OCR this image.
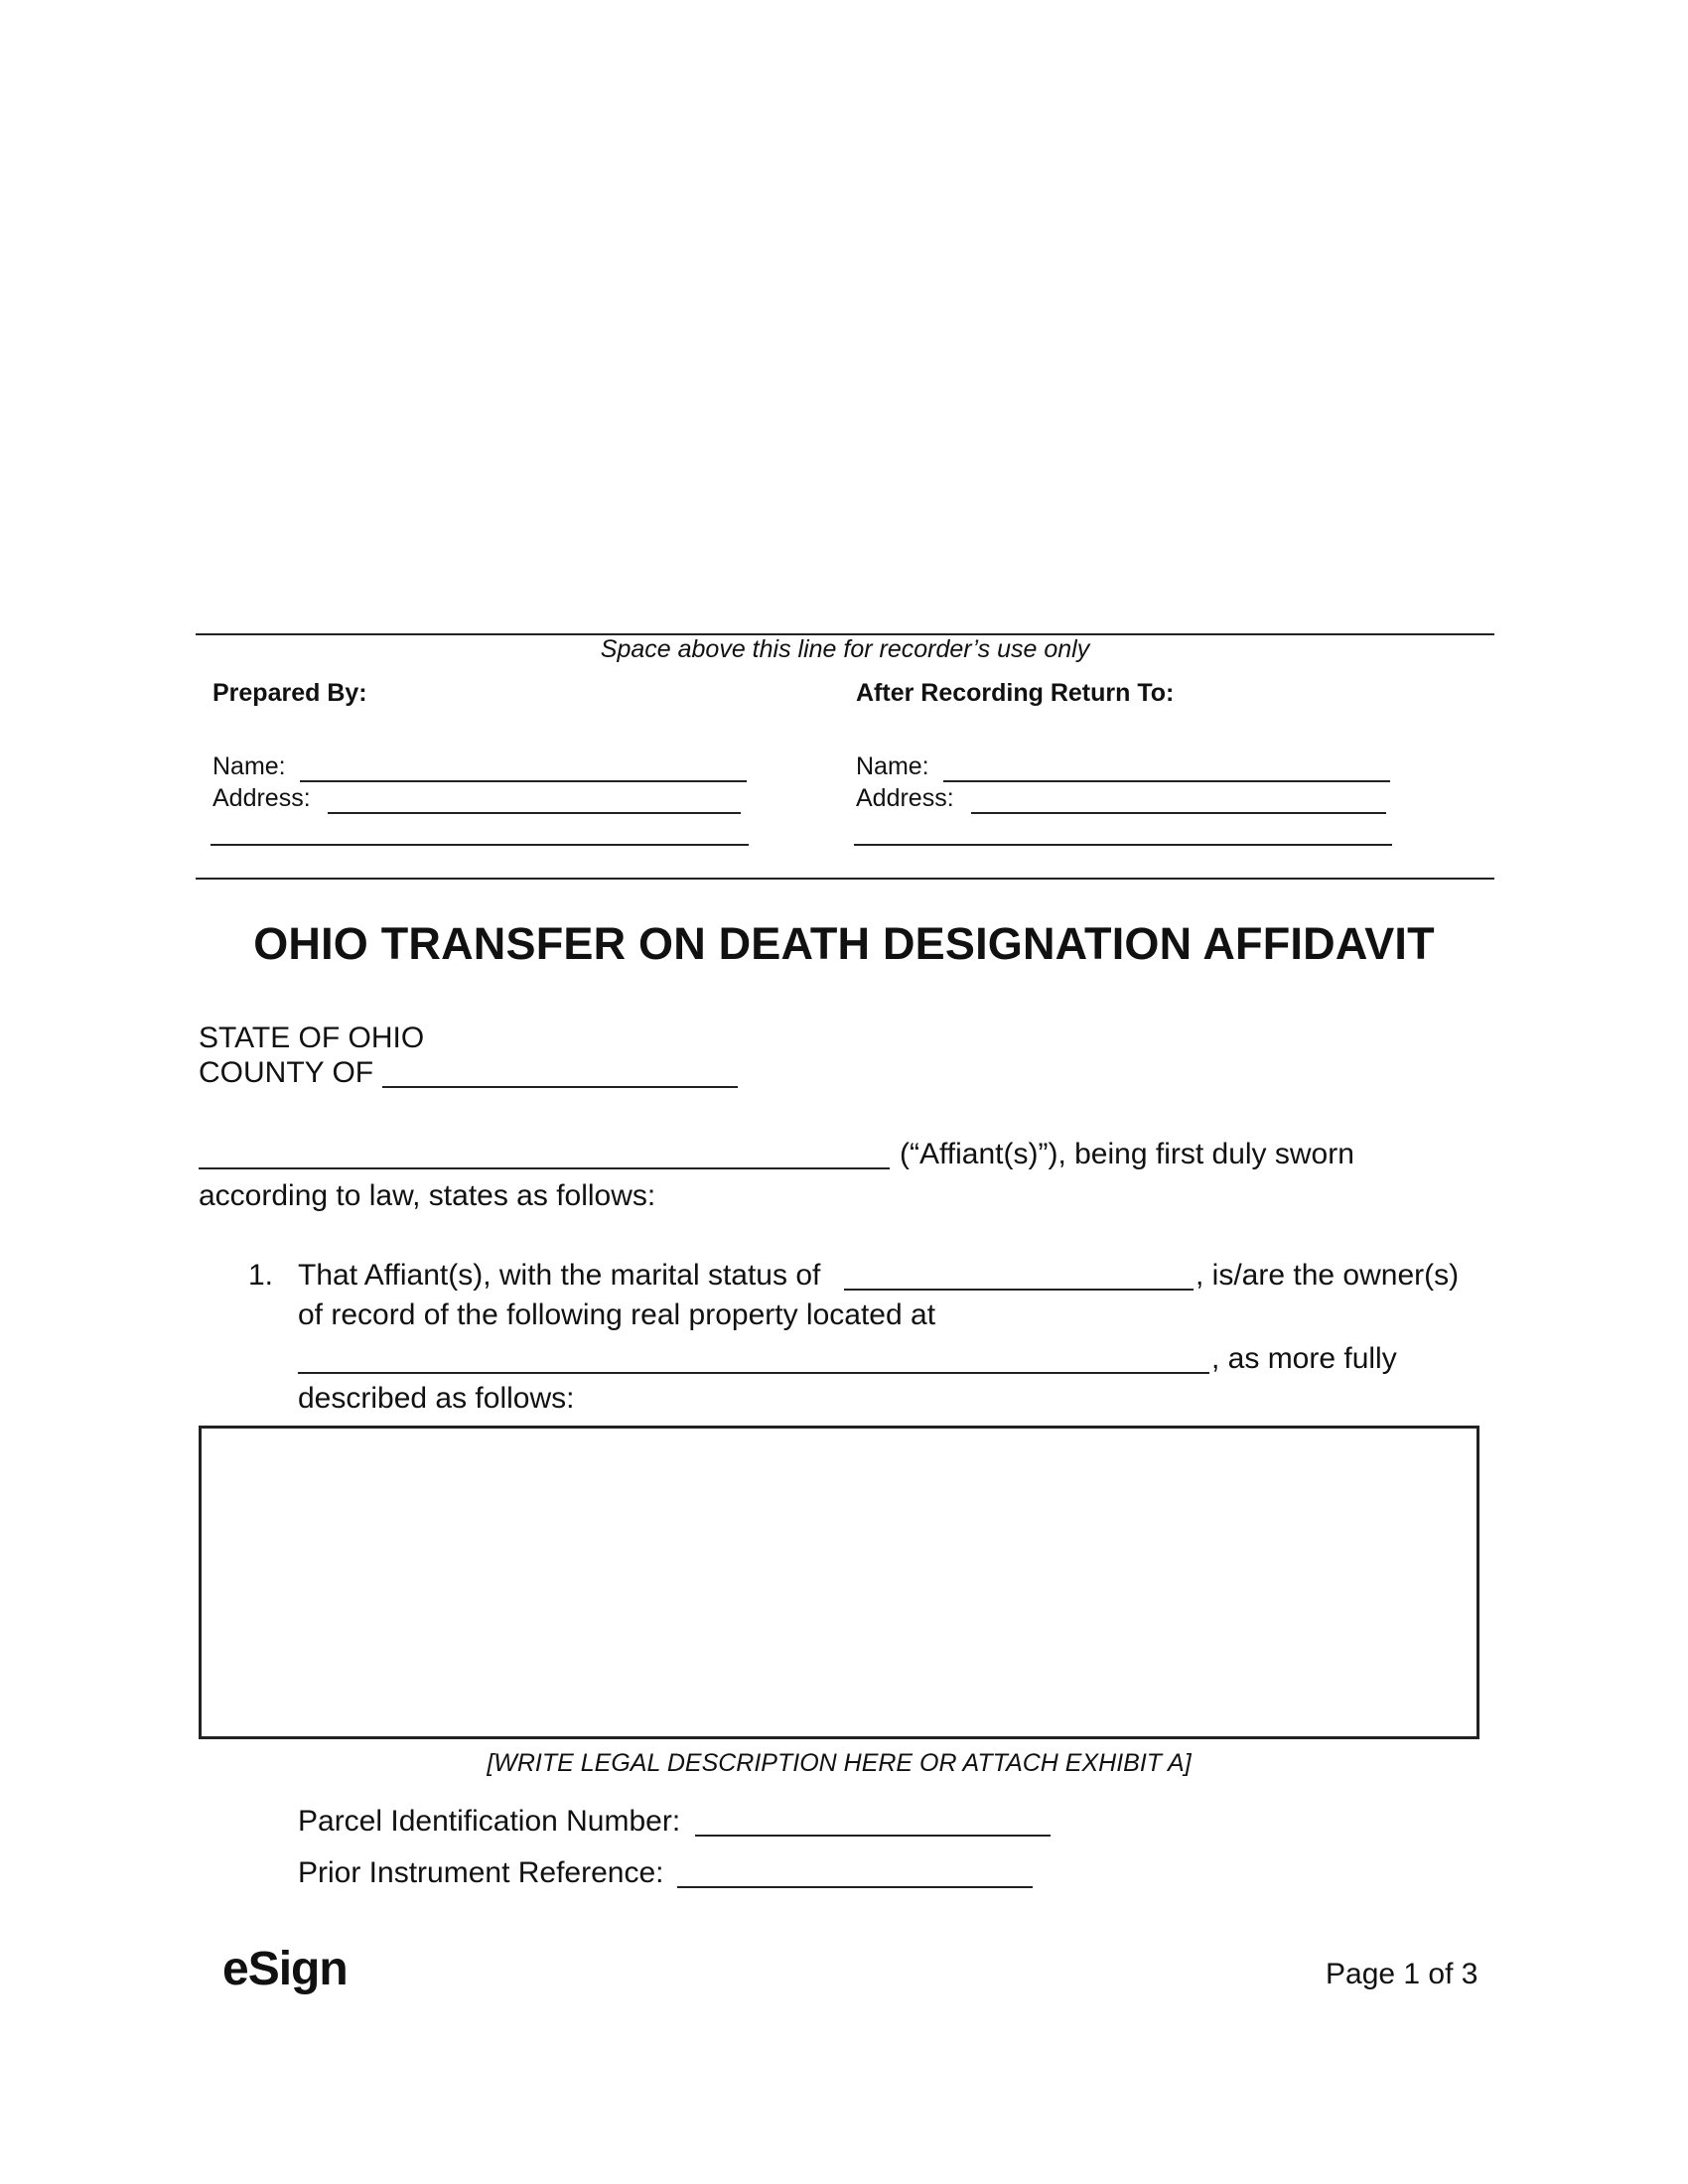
Space above this line for recorder’s use only
Prepared By:
Name:
Address:
After Recording Return To:
Name:
Address:
OHIO TRANSFER ON DEATH DESIGNATION AFFIDAVIT
STATE OF OHIO
COUNTY OF
(“Affiant(s)”), being first duly sworn
according to law, states as follows:
1. That Affiant(s), with the marital status of	, is/are the owner(s)
of record of the following real property located at
, as more fully
described as follows:
[WRITE LEGAL DESCRIPTION HERE OR ATTACH EXHIBIT A]
Parcel Identification Number:
Prior Instrument Reference:
eSign	Page 1 of 3
